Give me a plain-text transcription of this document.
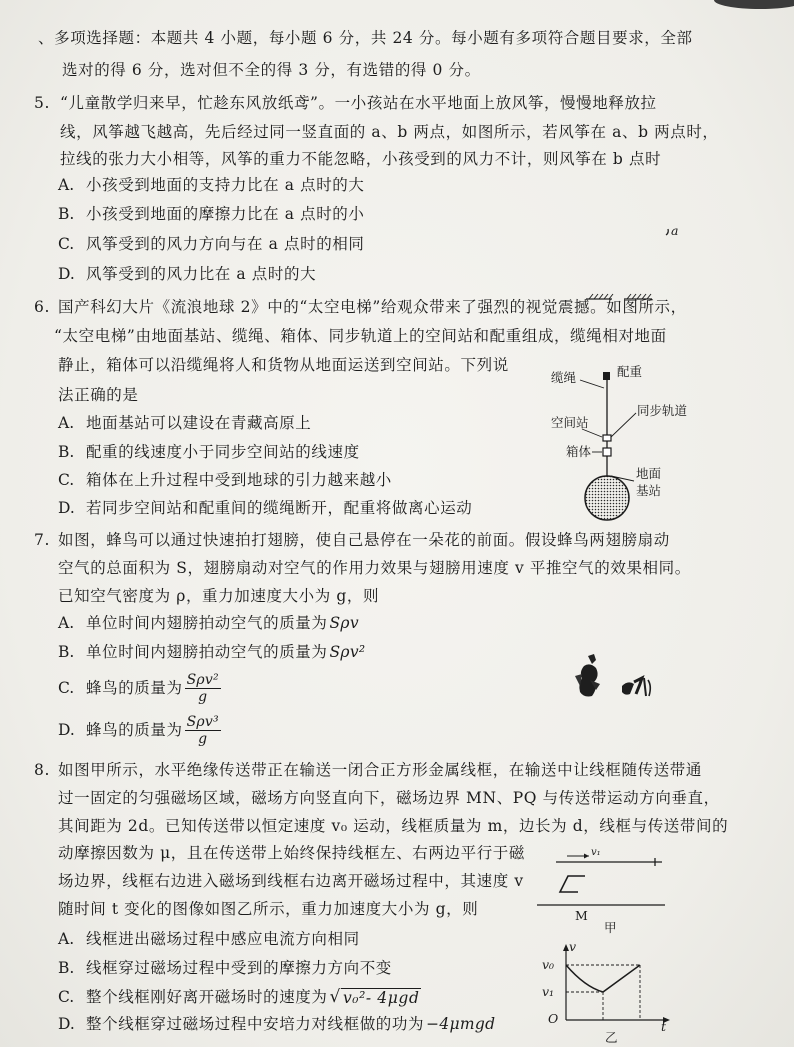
、多项选择题：本题共 4 小题，每小题 6 分，共 24 分。每小题有多项符合题目要求，全部
选对的得 6 分，选对但不全的得 3 分，有选错的得 0 分。
5. “儿童散学归来早，忙趁东风放纸鸢”。一小孩站在水平地面上放风筝，慢慢地释放拉
线，风筝越飞越高，先后经过同一竖直面的 a、b 两点，如图所示，若风筝在 a、b 两点时，
拉线的张力大小相等，风筝的重力不能忽略，小孩受到的风力不计，则风筝在 b 点时
A. 小孩受到地面的支持力比在 a 点时的大
B. 小孩受到地面的摩擦力比在 a 点时的小
C. 风筝受到的风力方向与在 a 点时的相同
D. 风筝受到的风力比在 a 点时的大
a
6. 国产科幻大片《流浪地球 2》中的“太空电梯”给观众带来了强烈的视觉震撼。如图所示，
“太空电梯”由地面基站、缆绳、箱体、同步轨道上的空间站和配重组成，缆绳相对地面
静止，箱体可以沿缆绳将人和货物从地面运送到空间站。下列说
法正确的是
A. 地面基站可以建设在青藏高原上
B. 配重的线速度小于同步空间站的线速度
C. 箱体在上升过程中受到地球的引力越来越小
D. 若同步空间站和配重间的缆绳断开，配重将做离心运动
缆绳	配重
同步轨道
空间站
箱体
地面
基站
7. 如图，蜂鸟可以通过快速拍打翅膀，使自己悬停在一朵花的前面。假设蜂鸟两翅膀扇动
空气的总面积为 S，翅膀扇动对空气的作用力效果与翅膀用速度 v 平推空气的效果相同。
已知空气密度为 ρ，重力加速度大小为 g，则
A. 单位时间内翅膀拍动空气的质量为 Sρv
B. 单位时间内翅膀拍动空气的质量为 Sρv²
C. 蜂鸟的质量为 $\frac{\text{Sρv²}}{g}$
D. 蜂鸟的质量为 $\frac{\text{Sρv³}}{g}$
8. 如图甲所示，水平绝缘传送带正在输送一闭合正方形金属线框，在输送中让线框随传送带通
过一固定的匀强磁场区域，磁场方向竖直向下，磁场边界 MN、PQ 与传送带运动方向垂直，
其间距为 2d。已知传送带以恒定速度 v₀ 运动，线框质量为 m，边长为 d，线框与传送带间的
动摩擦因数为 μ，且在传送带上始终保持线框左、右两边平行于磁
场边界，线框右边进入磁场到线框右边离开磁场过程中，其速度 v
随时间 t 变化的图像如图乙所示，重力加速度大小为 g，则
A. 线框进出磁场过程中感应电流方向相同
B. 线框穿过磁场过程中受到的摩擦力方向不变
C. 整个线框刚好离开磁场时的速度为 √ v₀²- 4μgd
D. 整个线框穿过磁场过程中安培力对线框做的功为 −4μmgd
v₁
M
甲
v
v₀
v₁
O
t
乙
